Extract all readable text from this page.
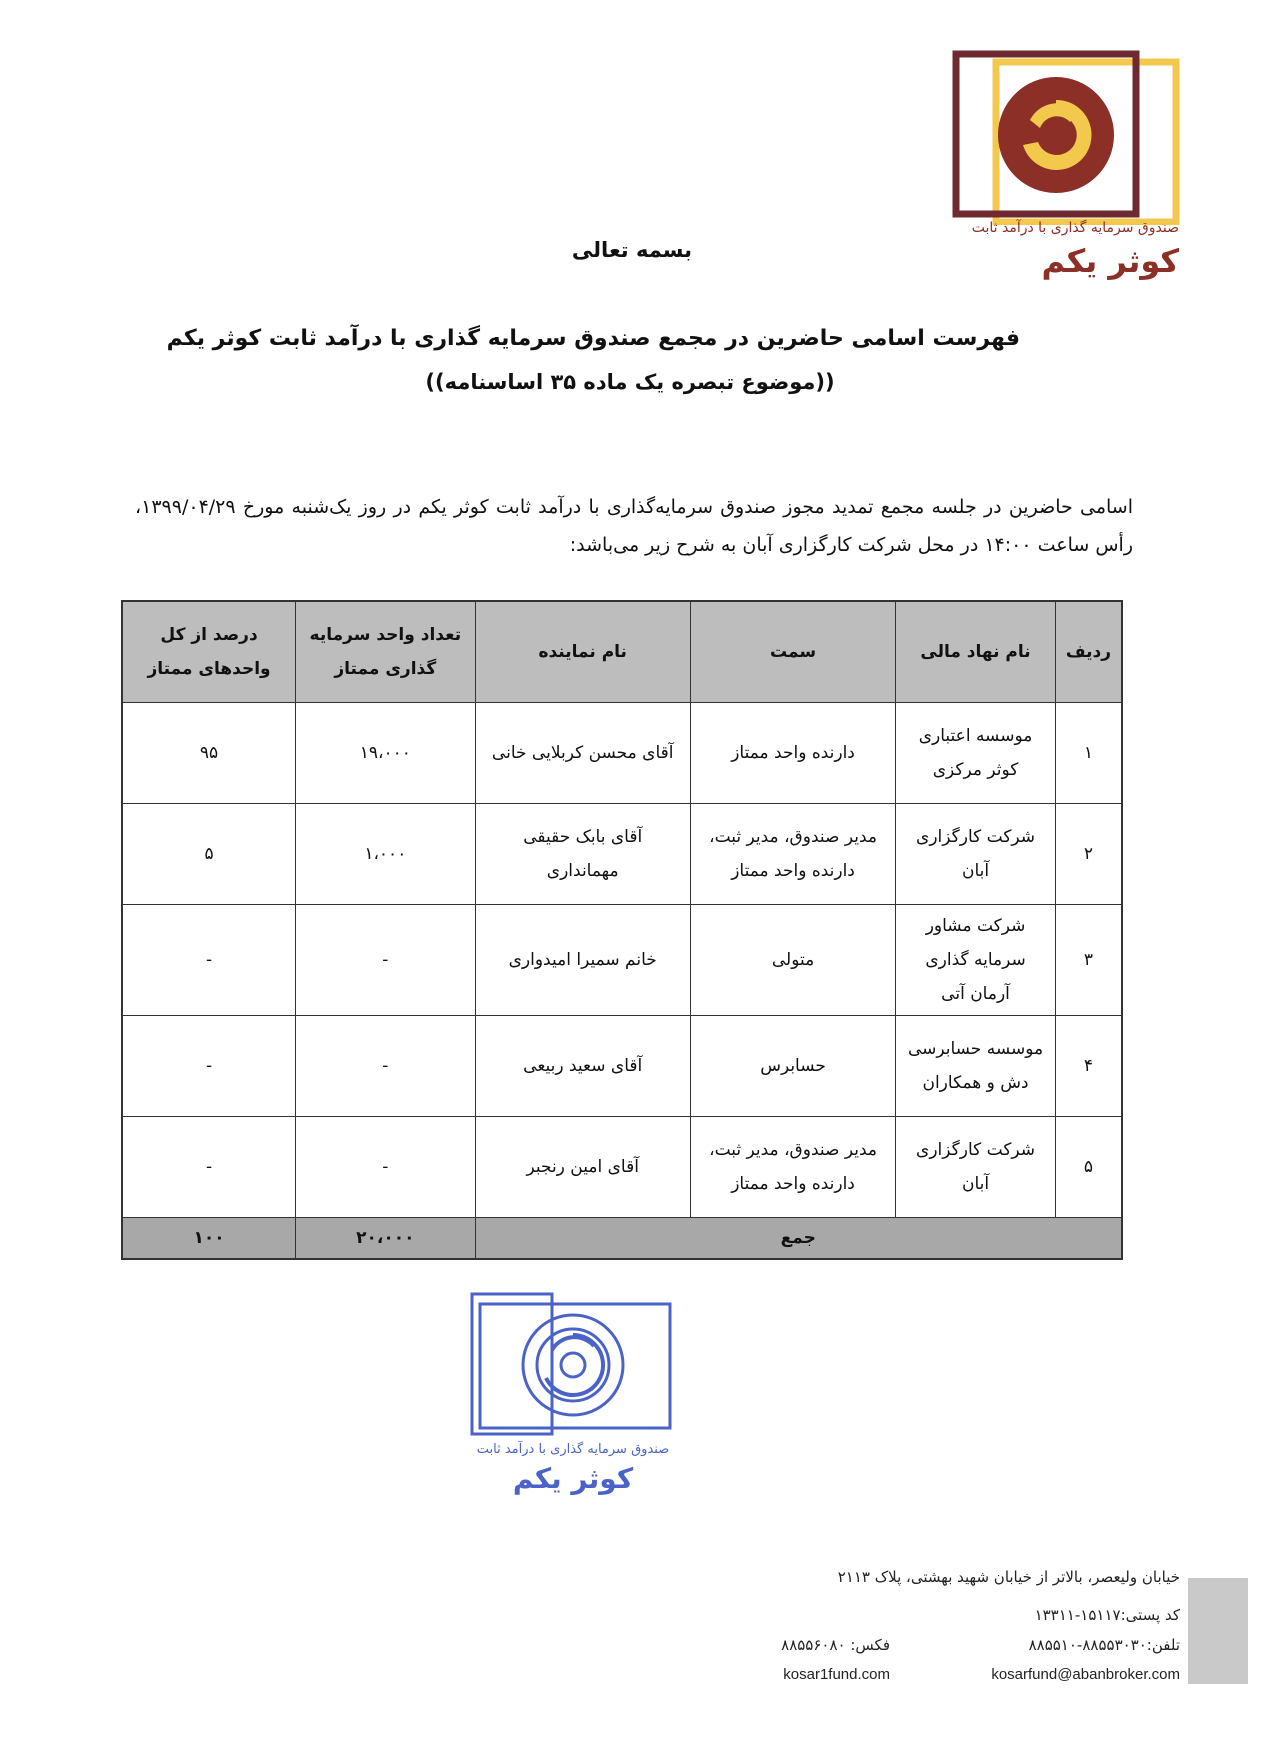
صندوق سرمایه گذاری با درآمد ثابت
کوثر یکم
بسمه تعالی
فهرست اسامی حاضرین در مجمع صندوق سرمایه گذاری با درآمد ثابت کوثر یکم
((موضوع تبصره یک ماده ۳۵ اساسنامه))
اسامی حاضرین در جلسه مجمع تمدید مجوز صندوق سرمایه‌گذاری با درآمد ثابت کوثر یکم در روز یک‌شنبه مورخ ۱۳۹۹/۰۴/۲۹، رأس ساعت ۱۴:۰۰ در محل شرکت کارگزاری آبان به شرح زیر می‌باشد:
ردیف	نام نهاد مالی	سمت	نام نماینده	تعداد واحد سرمایه گذاری ممتاز	درصد از کل واحدهای ممتاز
۱	موسسه اعتباری کوثر مرکزی	دارنده واحد ممتاز	آقای محسن کربلایی خانی	۱۹،۰۰۰	۹۵
۲	شرکت کارگزاری آبان	مدیر صندوق، مدیر ثبت، دارنده واحد ممتاز	آقای بابک حقیقی مهمانداری	۱،۰۰۰	۵
۳	شرکت مشاور سرمایه گذاری آرمان آتی	متولی	خانم سمیرا امیدواری	-	-
۴	موسسه حسابرسی دش و همکاران	حسابرس	آقای سعید ربیعی	-	-
۵	شرکت کارگزاری آبان	مدیر صندوق، مدیر ثبت، دارنده واحد ممتاز	آقای امین رنجبر	-	-
جمع				۲۰،۰۰۰	۱۰۰
صندوق سرمایه گذاری با درآمد ثابت
کوثر یکم
خیابان ولیعصر، بالاتر از خیابان شهید بهشتی، پلاک ۲۱۱۳
کد پستی:۱۵۱۱۷-۱۳۳۱۱
تلفن:۸۸۵۵۳۰۳۰-۸۸۵۵۱۰
فکس: ۸۸۵۵۶۰۸۰
kosarfund@abanbroker.com
kosar1fund.com
